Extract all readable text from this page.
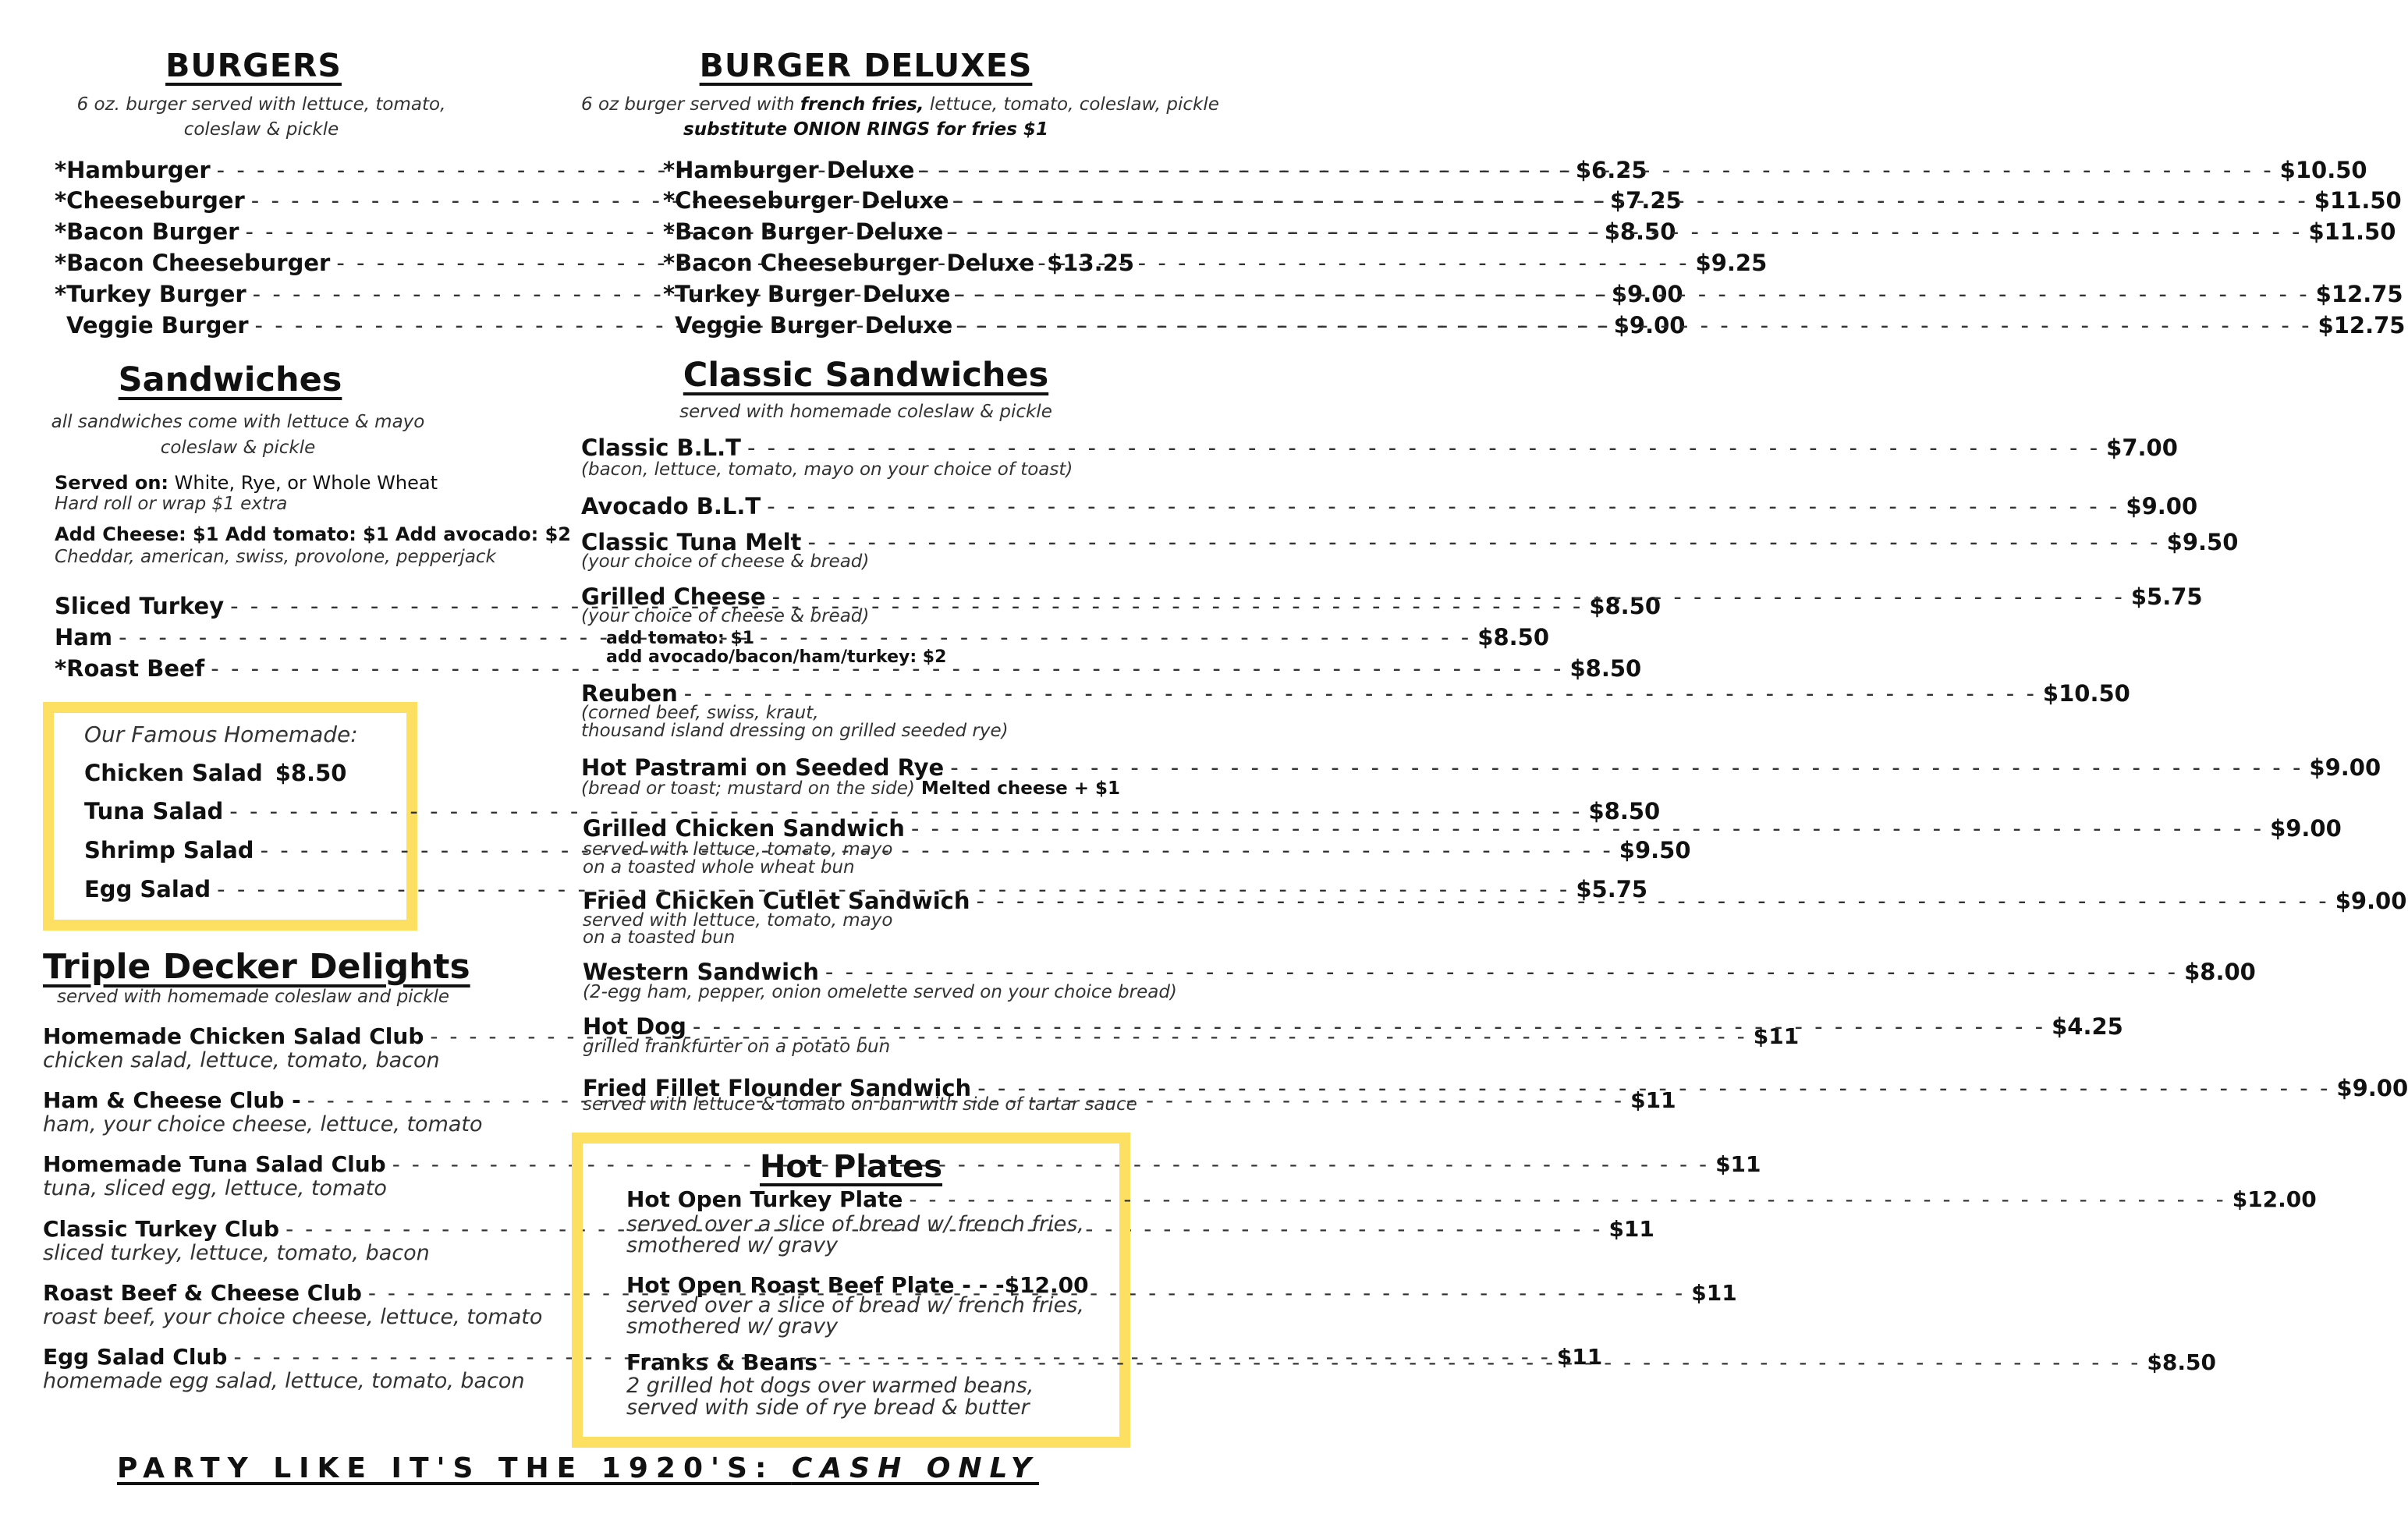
BURGERS
6 oz. burger served with lettuce, tomato, coleslaw & pickle
*Hamburger - - -	$6.25
*Cheeseburger - - -	$7.25
*Bacon Burger - - -	$8.50
*Bacon Cheeseburger - - -	$9.25
*Turkey Burger - - -	$9.00
Veggie Burger - - -	$9.00
Sandwiches
all sandwiches come with lettuce & mayo
coleslaw & pickle
Served on: White, Rye, or Whole Wheat
Hard roll or wrap $1 extra
Add Cheese: $1 Add tomato: $1 Add avocado: $2
Cheddar, american, swiss, provolone, pepperjack
Sliced Turkey - - -	$8.50
Ham - - -	$8.50
*Roast Beef - - -	$8.50
Our Famous Homemade:
Chicken Salad $8.50
Tuna Salad - - -	$8.50
Shrimp Salad - - -	$9.50
Egg Salad - - -	$5.75
Triple Decker Delights
served with homemade coleslaw and pickle
Homemade Chicken Salad Club - - -	$11
chicken salad, lettuce, tomato, bacon
Ham & Cheese Club - - - -	$11
ham, your choice cheese, lettuce, tomato
Homemade Tuna Salad Club - - -	$11
tuna, sliced egg, lettuce, tomato
Classic Turkey Club - - -	$11
sliced turkey, lettuce, tomato, bacon
Roast Beef & Cheese Club - - -	$11
roast beef, your choice cheese, lettuce, tomato
Egg Salad Club - - -	$11
homemade egg salad, lettuce, tomato, bacon
BURGER DELUXES
6 oz burger served with french fries, lettuce, tomato, coleslaw, pickle
substitute ONION RINGS for fries $1
*Hamburger Deluxe - - -	$10.50
*Cheeseburger Deluxe - - -	$11.50
*Bacon Burger Deluxe - - -	$11.50
*Bacon Cheeseburger Deluxe $13.25
*Turkey Burger Deluxe - - -	$12.75
Veggie Burger Deluxe - - -	$12.75
Classic Sandwiches
served with homemade coleslaw & pickle
Classic B.L.T - - -	$7.00
(bacon, lettuce, tomato, mayo on your choice of toast)
Avocado B.L.T - - -	$9.00
Classic Tuna Melt - - -	$9.50
(your choice of cheese & bread)
Grilled Cheese - - -	$5.75
(your choice of cheese & bread)
add tomato: $1
add avocado/bacon/ham/turkey: $2
Reuben - - -	$10.50
(corned beef, swiss, kraut,
thousand island dressing on grilled seeded rye)
Hot Pastrami on Seeded Rye - - -	$9.00
(bread or toast; mustard on the side) Melted cheese + $1
Grilled Chicken Sandwich - - -	$9.00
served with lettuce, tomato, mayo
on a toasted whole wheat bun
Fried Chicken Cutlet Sandwich - - -	$9.00
served with lettuce, tomato, mayo
on a toasted bun
Western Sandwich - - -	$8.00
(2-egg ham, pepper, onion omelette served on your choice bread)
Hot Dog - - -	$4.25
grilled frankfurter on a potato bun
Fried Fillet Flounder Sandwich - - -	$9.00
served with lettuce & tomato on bun with side of tartar sauce
Hot Plates
Hot Open Turkey Plate - - -	$12.00
served over a slice of bread w/ french fries,
smothered w/ gravy
Hot Open Roast Beef Plate - - - $12.00
served over a slice of bread w/ french fries,
smothered w/ gravy
Franks & Beans - - -	$8.50
2 grilled hot dogs over warmed beans,
served with side of rye bread & butter
PARTY LIKE IT'S THE 1920'S: CASH ONLY
